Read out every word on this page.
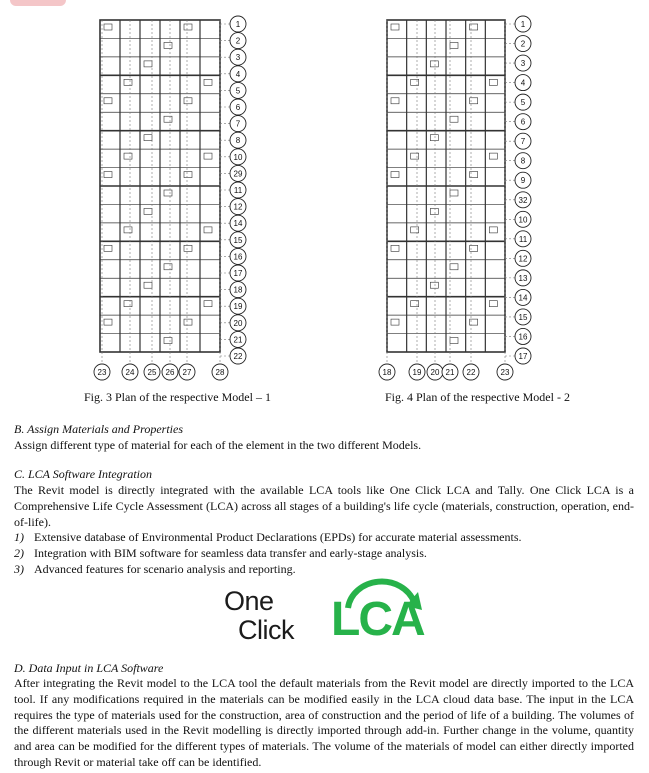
1
2
3
4
5
6
7
8
10
29
11
12
14
15
16
17
18
19
20
21
22
23 24 25 26 27	28
Fig. 3 Plan of the respective Model – 1
1
2
3
4
5
6
7
8
9
32
10
11
12
13
14
15
16
17
18	19 20 21 22	23
Fig. 4 Plan of the respective Model - 2
B. Assign Materials and Properties

Assign different type of material for each of the element in the two different Models.

C. LCA Software Integration

The Revit model is directly integrated with the available LCA tools like One Click LCA and Tally. One Click LCA is a Comprehensive Life Cycle Assessment (LCA) across all stages of a building's life cycle (materials, construction, operation, end-of-life).

1) Extensive database of Environmental Product Declarations (EPDs) for accurate material assessments.
2) Integration with BIM software for seamless data transfer and early-stage analysis.
3) Advanced features for scenario analysis and reporting.
One
Click LCA
D. Data Input in LCA Software

After integrating the Revit model to the LCA tool the default materials from the Revit model are directly imported to the LCA tool. If any modifications required in the materials can be modified easily in the LCA cloud data base. The input in the LCA requires the type of materials used for the construction, area of construction and the period of life of a building. The volumes of the different materials used in the Revit modelling is directly imported through add-in. Further change in the volume, quantity and area can be modified for the different types of materials. The volume of the materials of model can either directly imported through Revit or material take off can be identified.
